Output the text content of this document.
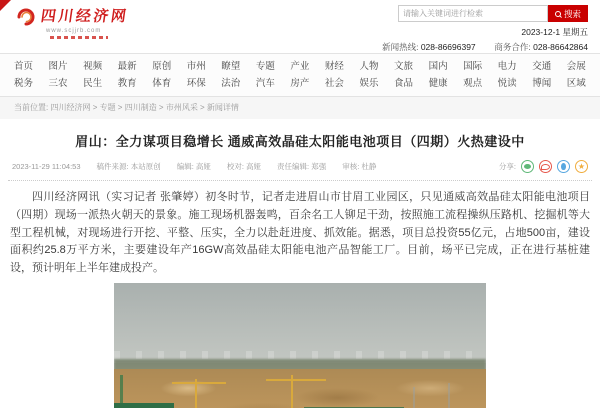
四川经济网
www.scjjrb.com
请输入关键词进行检索
搜索
2023-12-1 星期五
新闻热线: 028-86696397 商务合作: 028-86642864
首页 图片 视频 最新 原创 市州 瞭望 专题 产业 财经 人物 文旅 国内 国际 电力 交通 会展
税务 三农 民生 教育 体育 环保 法治 汽车 房产 社会 娱乐 食品 健康 观点 悦读 博闻 区域
当前位置: 四川经济网 > 专题 > 四川制造 > 市州风采 > 新闻详情
眉山：全力谋项目稳增长 通威高效晶硅太阳能电池项目（四期）火热建设中
2023-11-29 11:04:53 稿件来源: 本站原创 编辑: 高娅 校对: 高娅 责任编辑: 郑强 审核: 杜静	分享:	★

四川经济网讯（实习记者 张肇婷）初冬时节，记者走进眉山市甘眉工业园区，只见通威高效晶硅太阳能电池项目（四期）现场一派热火朝天的景象。施工现场机器轰鸣，百余名工人铆足干劲，按照施工流程操纵压路机、挖掘机等大型工程机械，对现场进行开挖、平整、压实，全力以赴赶进度、抓效能。据悉，项目总投资55亿元，占地500亩，建设面积约25.8万平方米，主要建设年产16GW高效晶硅太阳能电池产品智能工厂。目前，场平已完成，正在进行基桩建设，预计明年上半年建成投产。
